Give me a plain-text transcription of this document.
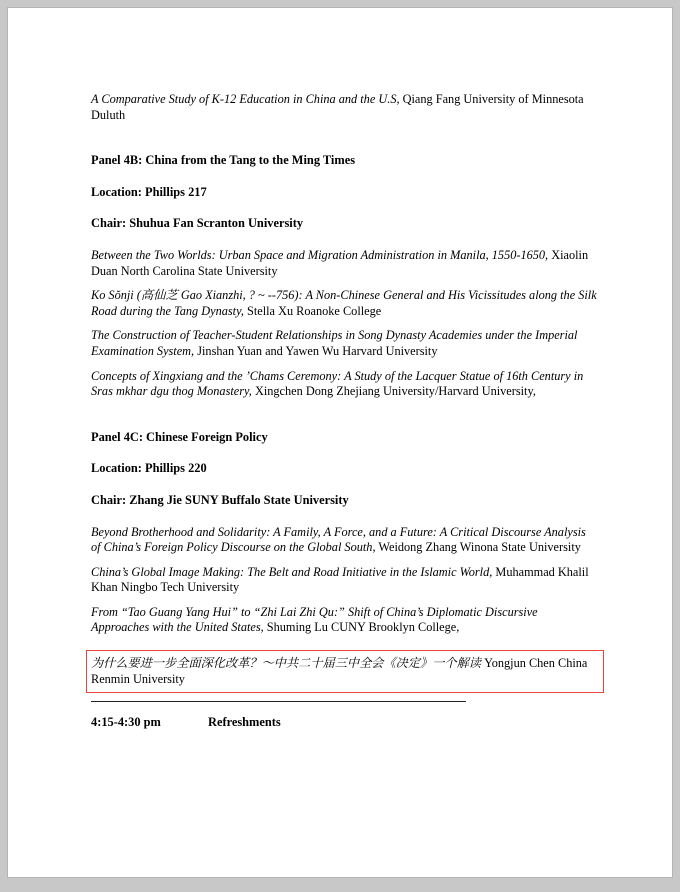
A Comparative Study of K-12 Education in China and the U.S, Qiang Fang University of Minnesota Duluth
Panel 4B: China from the Tang to the Ming Times
Location: Phillips 217
Chair: Shuhua Fan Scranton University
Between the Two Worlds: Urban Space and Migration Administration in Manila, 1550-1650, Xiaolin Duan North Carolina State University
Ko Sŏnji (高仙芝 Gao Xianzhi, ? ~ --756): A Non-Chinese General and His Vicissitudes along the Silk Road during the Tang Dynasty, Stella Xu Roanoke College
The Construction of Teacher-Student Relationships in Song Dynasty Academies under the Imperial Examination System, Jinshan Yuan and Yawen Wu Harvard University
Concepts of Xingxiang and the ’Chams Ceremony: A Study of the Lacquer Statue of 16th Century in Sras mkhar dgu thog Monastery, Xingchen Dong Zhejiang University/Harvard University,
Panel 4C: Chinese Foreign Policy
Location: Phillips 220
Chair: Zhang Jie SUNY Buffalo State University
Beyond Brotherhood and Solidarity: A Family, A Force, and a Future: A Critical Discourse Analysis of China’s Foreign Policy Discourse on the Global South, Weidong Zhang Winona State University
China’s Global Image Making: The Belt and Road Initiative in the Islamic World, Muhammad Khalil Khan Ningbo Tech University
From “Tao Guang Yang Hui” to “Zhi Lai Zhi Qu:” Shift of China’s Diplomatic Discursive Approaches with the United States, Shuming Lu CUNY Brooklyn College,
为什么要进一步全面深化改革？～中共二十届三中全会《决定》一个解读 Yongjun Chen China Renmin University
4:15-4:30 pm	Refreshments
